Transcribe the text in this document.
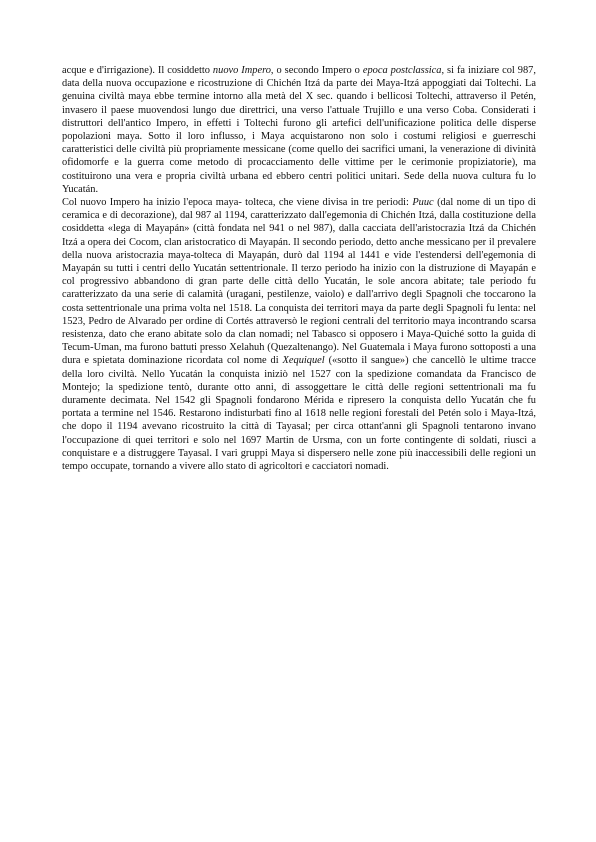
acque e d'irrigazione). Il cosiddetto nuovo Impero, o secondo Impero o epoca postclassica, si fa iniziare col 987, data della nuova occupazione e ricostruzione di Chichén Itzá da parte dei Maya-Itzá appoggiati dai Toltechi. La genuina civiltà maya ebbe termine intorno alla metà del X sec. quando i bellicosi Toltechi, attraverso il Petén, invasero il paese muovendosi lungo due direttrici, una verso l'attuale Trujillo e una verso Coba. Considerati i distruttori dell'antico Impero, in effetti i Toltechi furono gli artefici dell'unificazione politica delle disperse popolazioni maya. Sotto il loro influsso, i Maya acquistarono non solo i costumi religiosi e guerreschi caratteristici delle civiltà più propriamente messicane (come quello dei sacrifici umani, la venerazione di divinità ofidomorfe e la guerra come metodo di procacciamento delle vittime per le cerimonie propiziatorie), ma costituirono una vera e propria civiltà urbana ed ebbero centri politici unitari. Sede della nuova cultura fu lo Yucatán.

Col nuovo Impero ha inizio l'epoca maya- tolteca, che viene divisa in tre periodi: Puuc (dal nome di un tipo di ceramica e di decorazione), dal 987 al 1194, caratterizzato dall'egemonia di Chichén Itzá, dalla costituzione della cosiddetta «lega di Mayapán» (città fondata nel 941 o nel 987), dalla cacciata dell'aristocrazia Itzá da Chichén Itzá a opera dei Cocom, clan aristocratico di Mayapán. Il secondo periodo, detto anche messicano per il prevalere della nuova aristocrazia maya-tolteca di Mayapán, durò dal 1194 al 1441 e vide l'estendersi dell'egemonia di Mayapán su tutti i centri dello Yucatán settentrionale. Il terzo periodo ha inizio con la distruzione di Mayapán e col progressivo abbandono di gran parte delle città dello Yucatán, le sole ancora abitate; tale periodo fu caratterizzato da una serie di calamità (uragani, pestilenze, vaiolo) e dall'arrivo degli Spagnoli che toccarono la costa settentrionale una prima volta nel 1518. La conquista dei territori maya da parte degli Spagnoli fu lenta: nel 1523, Pedro de Alvarado per ordine di Cortés attraversò le regioni centrali del territorio maya incontrando scarsa resistenza, dato che erano abitate solo da clan nomadi; nel Tabasco si opposero i Maya-Quiché sotto la guida di Tecum-Uman, ma furono battuti presso Xelahuh (Quezaltenango). Nel Guatemala i Maya furono sottoposti a una dura e spietata dominazione ricordata col nome di Xequiquel («sotto il sangue») che cancellò le ultime tracce della loro civiltà. Nello Yucatán la conquista iniziò nel 1527 con la spedizione comandata da Francisco de Montejo; la spedizione tentò, durante otto anni, di assoggettare le città delle regioni settentrionali ma fu duramente decimata. Nel 1542 gli Spagnoli fondarono Mérida e ripresero la conquista dello Yucatán che fu portata a termine nel 1546. Restarono indisturbati fino al 1618 nelle regioni forestali del Petén solo i Maya-Itzá, che dopo il 1194 avevano ricostruito la città di Tayasal; per circa ottant'anni gli Spagnoli tentarono invano l'occupazione di quei territori e solo nel 1697 Martin de Ursma, con un forte contingente di soldati, riuscì a conquistare e a distruggere Tayasal. I vari gruppi Maya si dispersero nelle zone più inaccessibili delle regioni un tempo occupate, tornando a vivere allo stato di agricoltori e cacciatori nomadi.
